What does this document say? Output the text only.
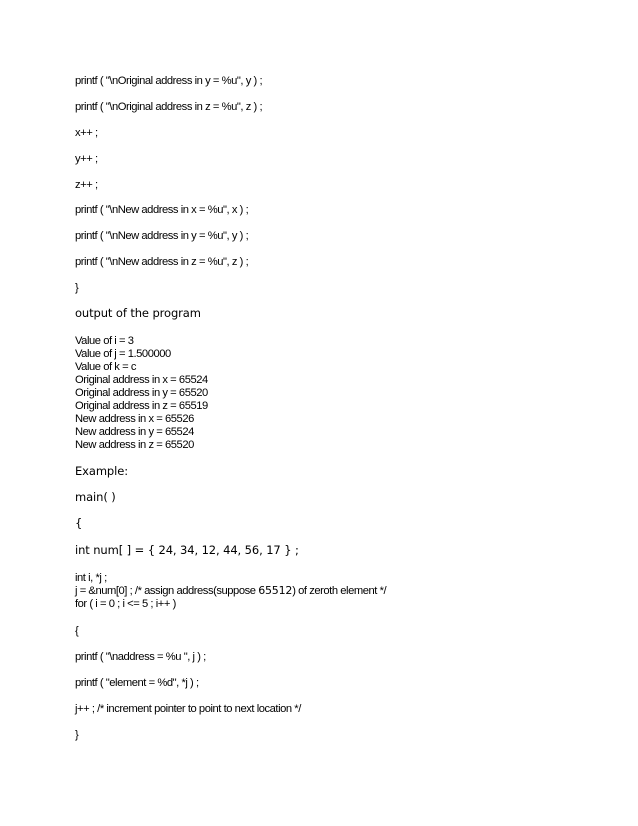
printf ( "\nOriginal address in y = %u", y ) ;
printf ( "\nOriginal address in z = %u", z ) ;
x++ ;
y++ ;
z++ ;
printf ( "\nNew address in x = %u", x ) ;
printf ( "\nNew address in y = %u", y ) ;
printf ( "\nNew address in z = %u", z ) ;
}
output of the program
Value of i = 3
Value of j = 1.500000
Value of k = c
Original address in x = 65524
Original address in y = 65520
Original address in z = 65519
New address in x = 65526
New address in y = 65524
New address in z = 65520
Example:
main( )
{
int num[ ] = { 24, 34, 12, 44, 56, 17 } ;
int i, *j ;
j = &num[0] ; /* assign address(suppose 65512) of zeroth element */
for ( i = 0 ; i <= 5 ; i++ )
{
printf ( "\naddress = %u ", j ) ;
printf ( "element = %d", *j ) ;
j++ ; /* increment pointer to point to next location */
}
